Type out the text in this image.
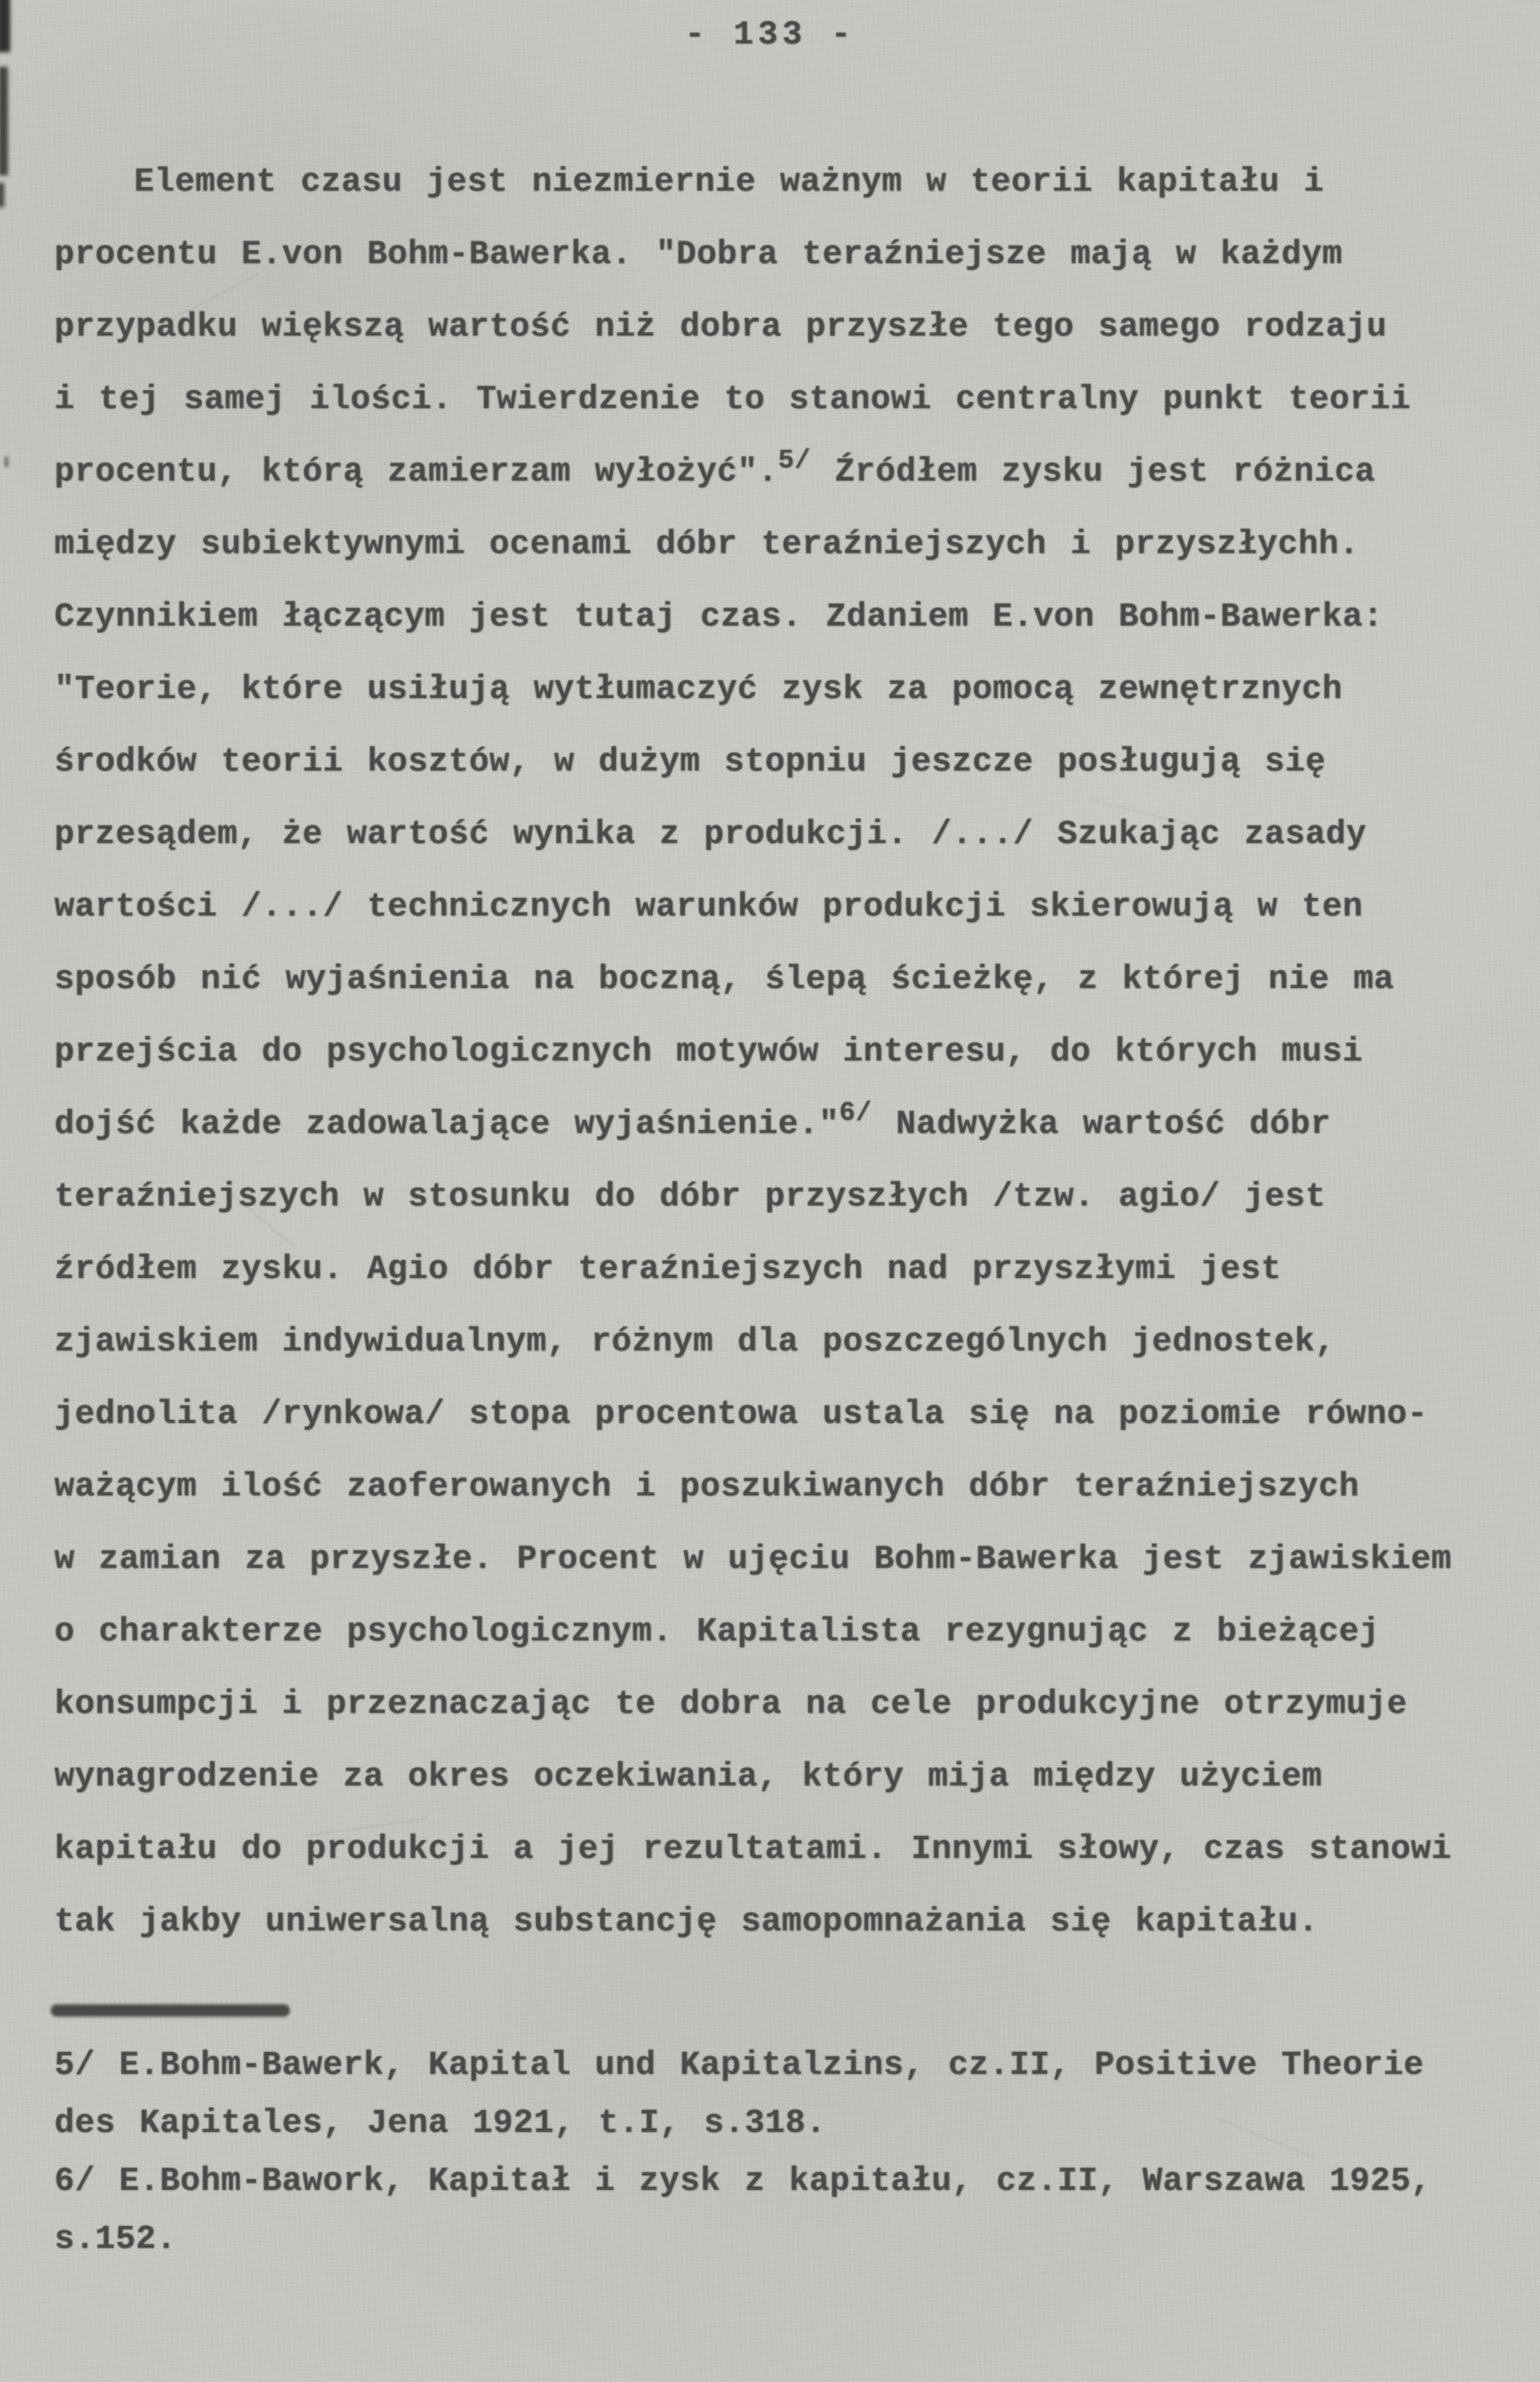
- 133 -
Element czasu jest niezmiernie ważnym w teorii kapitału i
procentu E.von Bohm-Bawerka. "Dobra teraźniejsze mają w każdym
przypadku większą wartość niż dobra przyszłe tego samego rodzaju
i tej samej ilości. Twierdzenie to stanowi centralny punkt teorii
procentu, którą zamierzam wyłożyć".$^{5/}$ Źródłem zysku jest różnica
między subiektywnymi ocenami dóbr teraźniejszych i przyszłychh.
Czynnikiem łączącym jest tutaj czas. Zdaniem E.von Bohm-Bawerka:
"Teorie, które usiłują wytłumaczyć zysk za pomocą zewnętrznych
środków teorii kosztów, w dużym stopniu jeszcze posługują się
przesądem, że wartość wynika z produkcji. /.../ Szukając zasady
wartości /.../ technicznych warunków produkcji skierowują w ten
sposób nić wyjaśnienia na boczną, ślepą ścieżkę, z której nie ma
przejścia do psychologicznych motywów interesu, do których musi
dojść każde zadowalające wyjaśnienie."$^{6/}$ Nadwyżka wartość dóbr
teraźniejszych w stosunku do dóbr przyszłych /tzw. agio/ jest
źródłem zysku. Agio dóbr teraźniejszych nad przyszłymi jest
zjawiskiem indywidualnym, różnym dla poszczególnych jednostek,
jednolita /rynkowa/ stopa procentowa ustala się na poziomie równo-
ważącym ilość zaoferowanych i poszukiwanych dóbr teraźniejszych
w zamian za przyszłe. Procent w ujęciu Bohm-Bawerka jest zjawiskiem
o charakterze psychologicznym. Kapitalista rezygnując z bieżącej
konsumpcji i przeznaczając te dobra na cele produkcyjne otrzymuje
wynagrodzenie za okres oczekiwania, który mija między użyciem
kapitału do produkcji a jej rezultatami. Innymi słowy, czas stanowi
tak jakby uniwersalną substancję samopomnażania się kapitału.
5/ E.Bohm-Bawerk, Kapital und Kapitalzins, cz.II, Positive Theorie
des Kapitales, Jena 1921, t.I, s.318.
6/ E.Bohm-Bawork, Kapitał i zysk z kapitału, cz.II, Warszawa 1925,
s.152.
